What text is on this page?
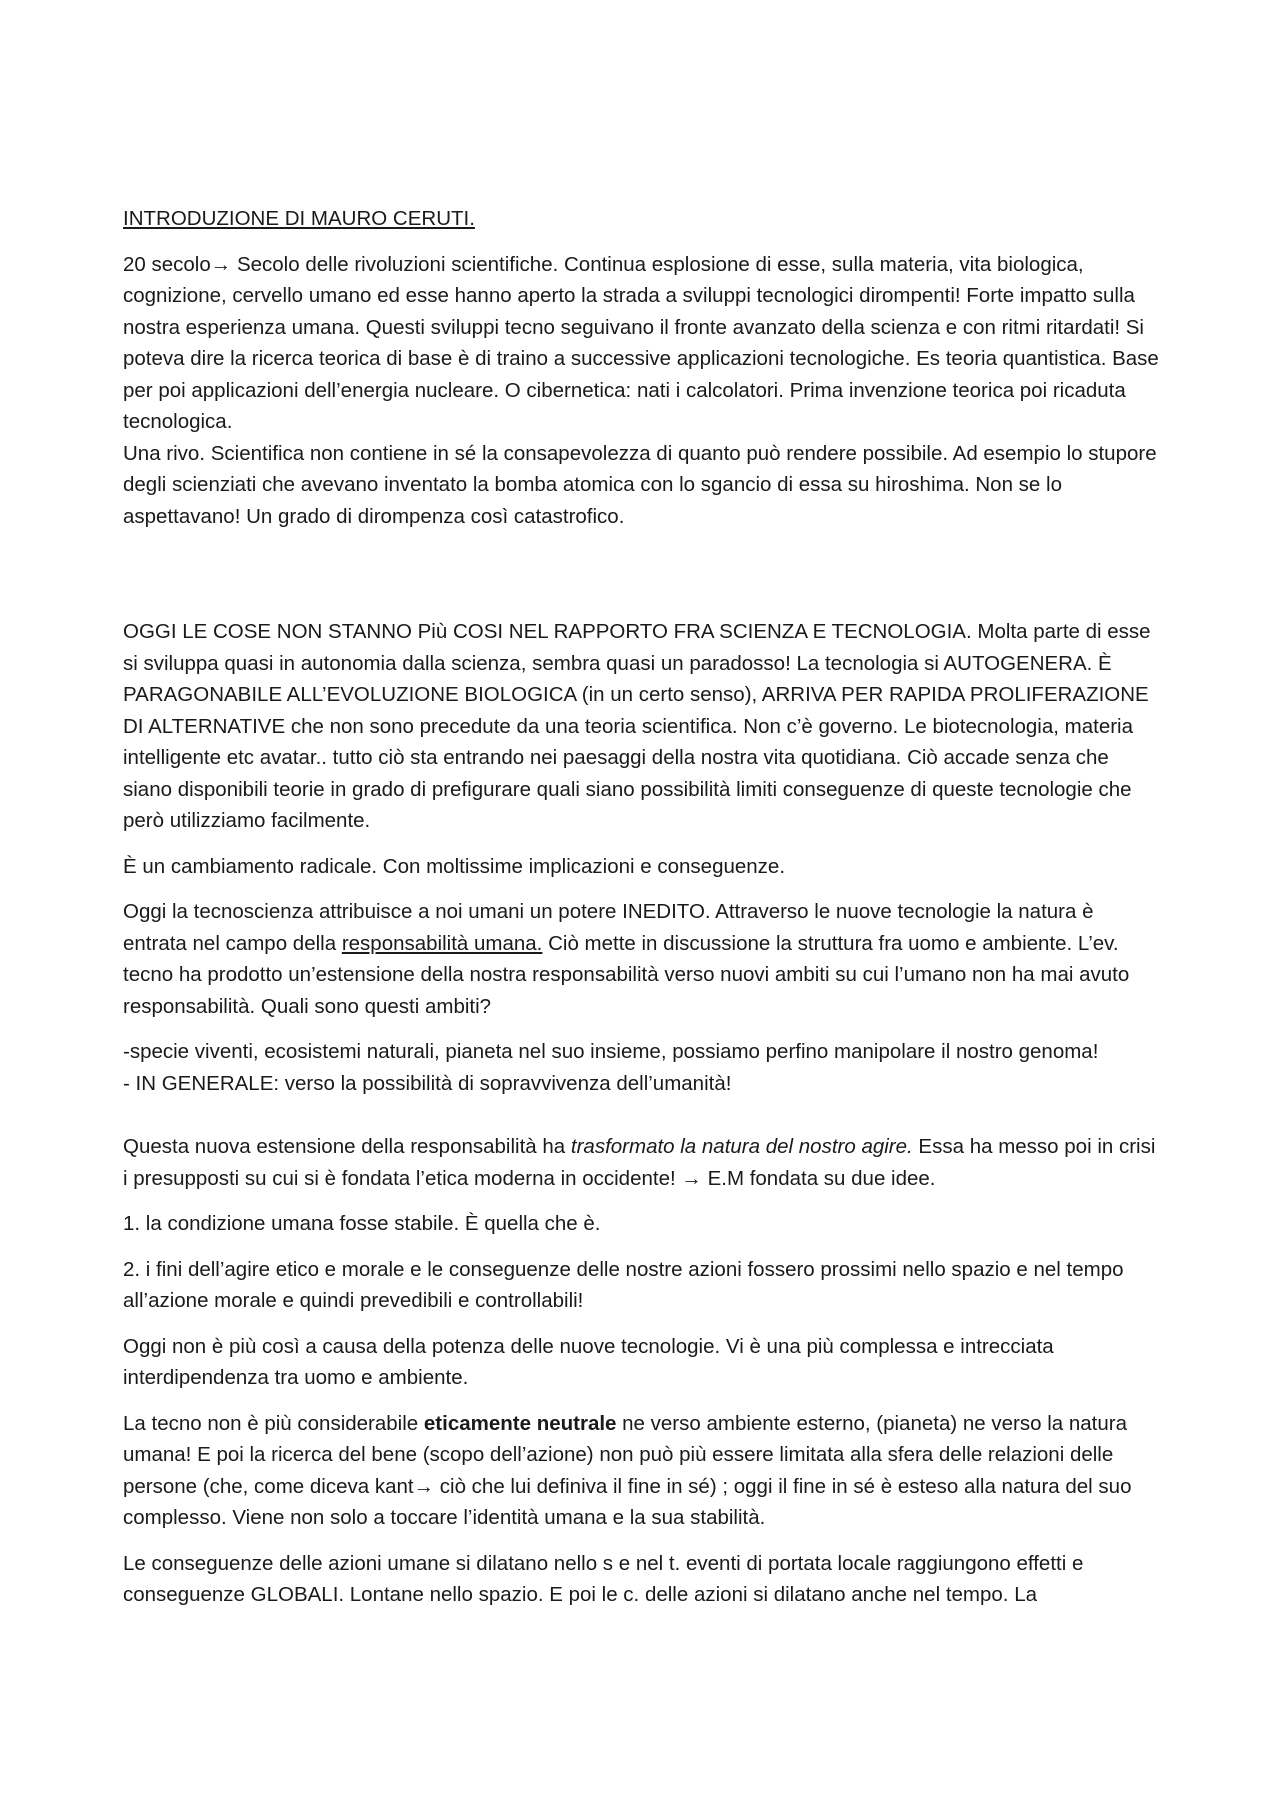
INTRODUZIONE DI MAURO CERUTI.

20 secolo→ Secolo delle rivoluzioni scientifiche. Continua esplosione di esse, sulla materia, vita biologica, cognizione, cervello umano ed esse hanno aperto la strada a sviluppi tecnologici dirompenti! Forte impatto sulla nostra esperienza umana. Questi sviluppi tecno seguivano il fronte avanzato della scienza e con ritmi ritardati! Si poteva dire la ricerca teorica di base è di traino a successive applicazioni tecnologiche. Es teoria quantistica. Base per poi applicazioni dell’energia nucleare. O cibernetica: nati i calcolatori. Prima invenzione teorica poi ricaduta tecnologica.
Una rivo. Scientifica non contiene in sé la consapevolezza di quanto può rendere possibile. Ad esempio lo stupore degli scienziati che avevano inventato la bomba atomica con lo sgancio di essa su hiroshima. Non se lo aspettavano! Un grado di dirompenza così catastrofico.

OGGI LE COSE NON STANNO Più COSI NEL RAPPORTO FRA SCIENZA E TECNOLOGIA. Molta parte di esse si sviluppa quasi in autonomia dalla scienza, sembra quasi un paradosso! La tecnologia si AUTOGENERA. È PARAGONABILE ALL’EVOLUZIONE BIOLOGICA (in un certo senso), ARRIVA PER RAPIDA PROLIFERAZIONE DI ALTERNATIVE che non sono precedute da una teoria scientifica. Non c’è governo. Le biotecnologia, materia intelligente etc avatar.. tutto ciò sta entrando nei paesaggi della nostra vita quotidiana. Ciò accade senza che siano disponibili teorie in grado di prefigurare quali siano possibilità limiti conseguenze di queste tecnologie che però utilizziamo facilmente.

È un cambiamento radicale. Con moltissime implicazioni e conseguenze.

Oggi la tecnoscienza attribuisce a noi umani un potere INEDITO. Attraverso le nuove tecnologie la natura è entrata nel campo della responsabilità umana. Ciò mette in discussione la struttura fra uomo e ambiente. L’ev. tecno ha prodotto un’estensione della nostra responsabilità verso nuovi ambiti su cui l’umano non ha mai avuto responsabilità. Quali sono questi ambiti?

-specie viventi, ecosistemi naturali, pianeta nel suo insieme, possiamo perfino manipolare il nostro genoma!
- IN GENERALE: verso la possibilità di sopravvivenza dell’umanità!

Questa nuova estensione della responsabilità ha trasformato la natura del nostro agire. Essa ha messo poi in crisi i presupposti su cui si è fondata l’etica moderna in occidente! → E.M fondata su due idee.

1. la condizione umana fosse stabile. È quella che è.

2. i fini dell’agire etico e morale e le conseguenze delle nostre azioni fossero prossimi nello spazio e nel tempo all’azione morale e quindi prevedibili e controllabili!

Oggi non è più così a causa della potenza delle nuove tecnologie. Vi è una più complessa e intrecciata interdipendenza tra uomo e ambiente.

La tecno non è più considerabile eticamente neutrale ne verso ambiente esterno, (pianeta) ne verso la natura umana! E poi la ricerca del bene (scopo dell’azione) non può più essere limitata alla sfera delle relazioni delle persone (che, come diceva kant→ ciò che lui definiva il fine in sé) ; oggi il fine in sé è esteso alla natura del suo complesso. Viene non solo a toccare l’identità umana e la sua stabilità.

Le conseguenze delle azioni umane si dilatano nello s e nel t. eventi di portata locale raggiungono effetti e conseguenze GLOBALI. Lontane nello spazio. E poi le c. delle azioni si dilatano anche nel tempo. La
